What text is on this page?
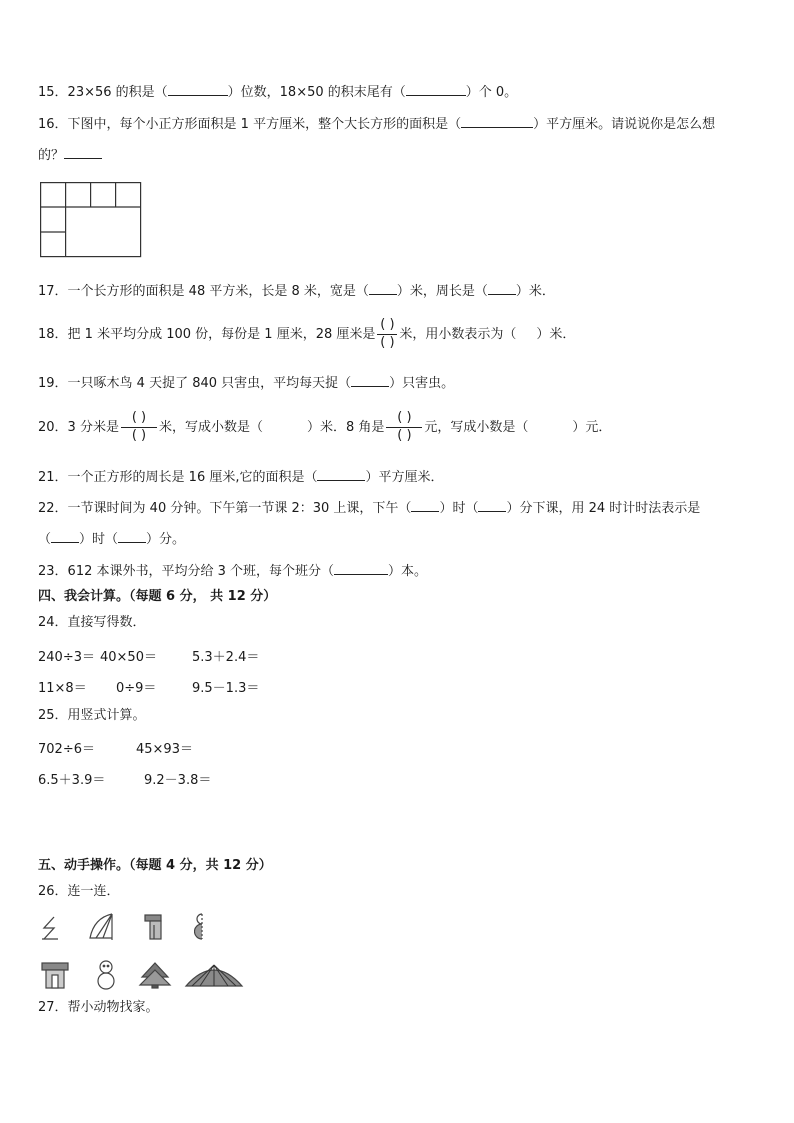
15．23×56 的积是（	）位数，18×50 的积末尾有（	）个 0。
16．下图中，每个小正方形面积是 1 平方厘米，整个大长方形的面积是（	）平方厘米。请说说你是怎么想
的？
17．一个长方形的面积是 48 平方米，长是 8 米，宽是（ ）米，周长是（ ）米．
18．把 1 米平均分成 100 份，每份是 1 厘米，28 厘米是 $\frac{( )}{( )}$ 米，用小数表示为（ ）米．
19．一只啄木鸟 4 天捉了 840 只害虫，平均每天捉（	）只害虫。
20．3 分米是 $\frac{( )}{( )}$ 米，写成小数是（	）米．8 角是 $\frac{( )}{( )}$ 元，写成小数是（	）元．
21．一个正方形的周长是 16 厘米,它的面积是（	）平方厘米．
22．一节课时间为 40 分钟。下午第一节课 2：30 上课，下午（ ）时（ ）分下课，用 24 时计时法表示是
（ ）时（ ）分。
23．612 本课外书，平均分给 3 个班，每个班分（	）本。
四、我会计算。（每题 6 分， 共 12 分）
24．直接写得数．
240÷3＝ 40×50＝	5.3＋2.4＝
11×8＝ 0÷9＝	9.5－1.3＝
25．用竖式计算。
702÷6＝	45×93＝
6.5＋3.9＝	9.2－3.8＝
五、动手操作。（每题 4 分，共 12 分）
26．连一连．
27．帮小动物找家。
